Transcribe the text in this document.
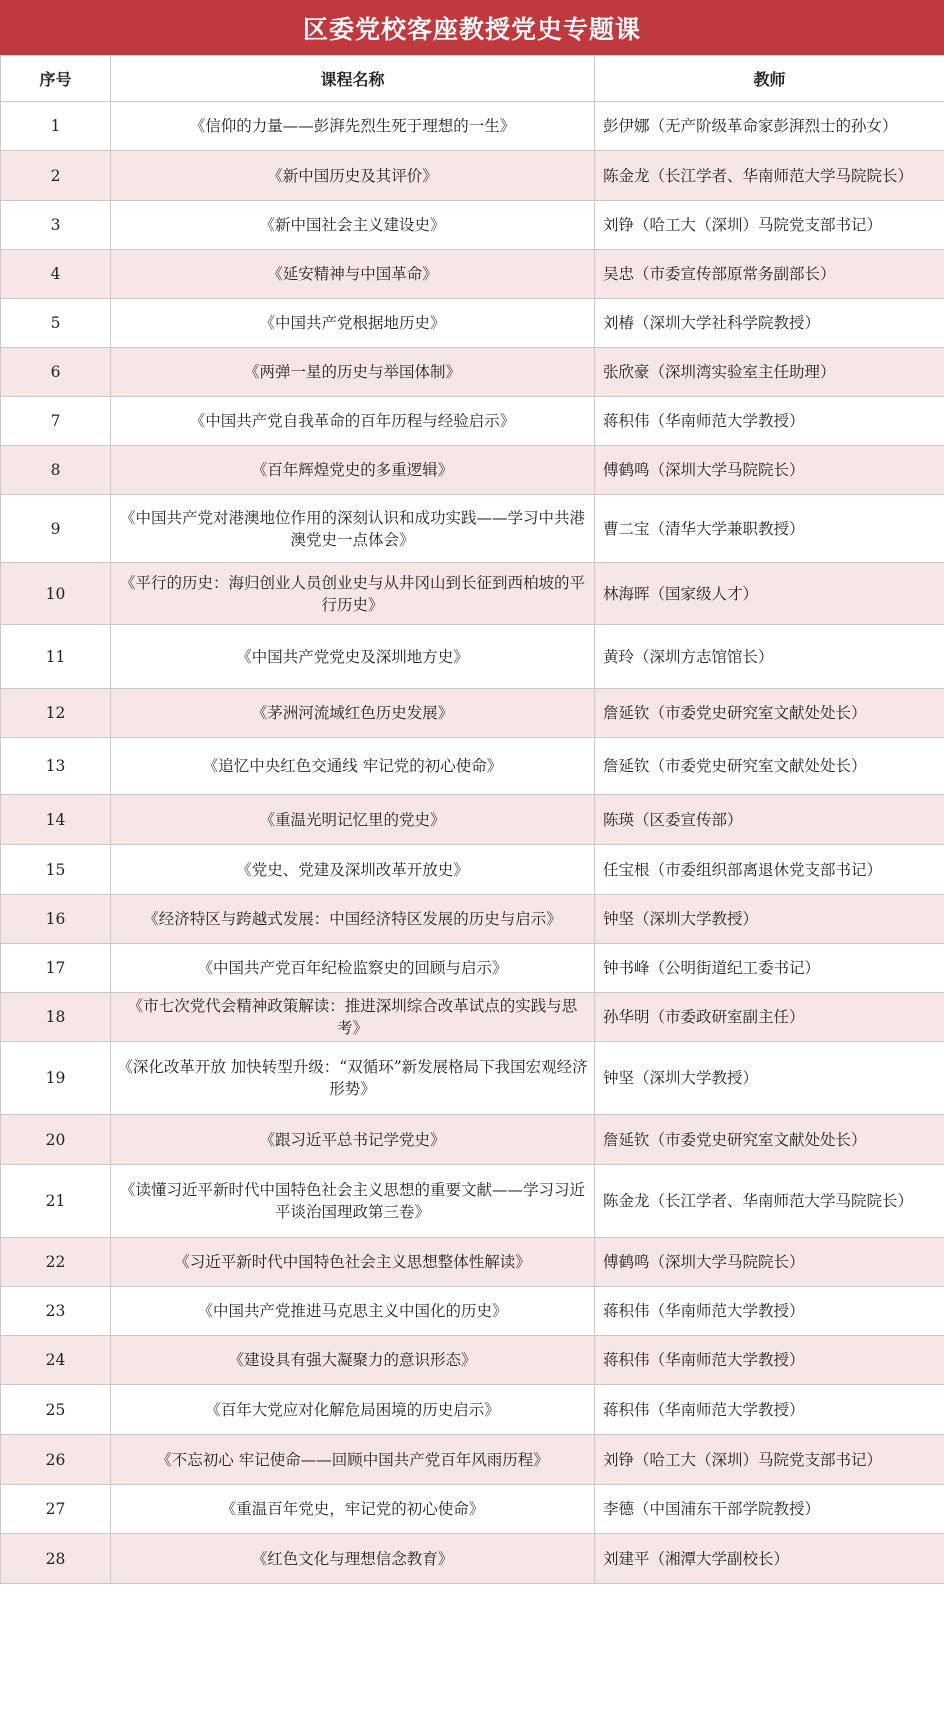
区委党校客座教授党史专题课
序号	课程名称	教师
1	《信仰的力量——彭湃先烈生死于理想的一生》	彭伊娜（无产阶级革命家彭湃烈士的孙女）
2	《新中国历史及其评价》	陈金龙（长江学者、华南师范大学马院院长）
3	《新中国社会主义建设史》	刘铮（哈工大（深圳）马院党支部书记）
4	《延安精神与中国革命》	吴忠（市委宣传部原常务副部长）
5	《中国共产党根据地历史》	刘椿（深圳大学社科学院教授）
6	《两弹一星的历史与举国体制》	张欣豪（深圳湾实验室主任助理）
7	《中国共产党自我革命的百年历程与经验启示》	蒋积伟（华南师范大学教授）
8	《百年辉煌党史的多重逻辑》	傅鹤鸣（深圳大学马院院长）
9	《中国共产党对港澳地位作用的深刻认识和成功实践——学习中共港澳党史一点体会》	曹二宝（清华大学兼职教授）
10	《平行的历史：海归创业人员创业史与从井冈山到长征到西柏坡的平行历史》	林海晖（国家级人才）
11	《中国共产党党史及深圳地方史》	黄玲（深圳方志馆馆长）
12	《茅洲河流域红色历史发展》	詹延钦（市委党史研究室文献处处长）
13	《追忆中央红色交通线 牢记党的初心使命》	詹延钦（市委党史研究室文献处处长）
14	《重温光明记忆里的党史》	陈瑛（区委宣传部）
15	《党史、党建及深圳改革开放史》	任宝根（市委组织部离退休党支部书记）
16	《经济特区与跨越式发展：中国经济特区发展的历史与启示》	钟坚（深圳大学教授）
17	《中国共产党百年纪检监察史的回顾与启示》	钟书峰（公明街道纪工委书记）
18	《市七次党代会精神政策解读：推进深圳综合改革试点的实践与思考》	孙华明（市委政研室副主任）
19	《深化改革开放 加快转型升级：“双循环”新发展格局下我国宏观经济形势》	钟坚（深圳大学教授）
20	《跟习近平总书记学党史》	詹延钦（市委党史研究室文献处处长）
21	《读懂习近平新时代中国特色社会主义思想的重要文献——学习习近平谈治国理政第三卷》	陈金龙（长江学者、华南师范大学马院院长）
22	《习近平新时代中国特色社会主义思想整体性解读》	傅鹤鸣（深圳大学马院院长）
23	《中国共产党推进马克思主义中国化的历史》	蒋积伟（华南师范大学教授）
24	《建设具有强大凝聚力的意识形态》	蒋积伟（华南师范大学教授）
25	《百年大党应对化解危局困境的历史启示》	蒋积伟（华南师范大学教授）
26	《不忘初心 牢记使命——回顾中国共产党百年风雨历程》	刘铮（哈工大（深圳）马院党支部书记）
27	《重温百年党史，牢记党的初心使命》	李德（中国浦东干部学院教授）
28	《红色文化与理想信念教育》	刘建平（湘潭大学副校长）
